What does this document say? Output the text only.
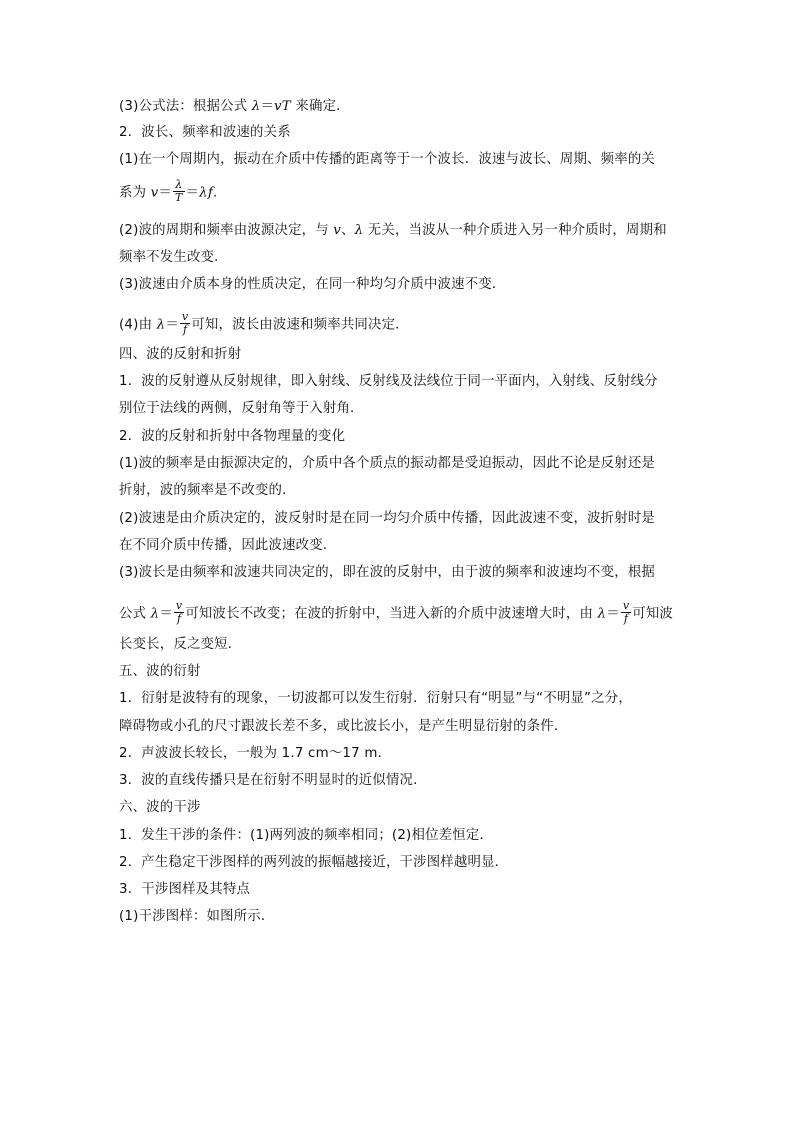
(3)公式法：根据公式 λ＝vT 来确定．
2．波长、频率和波速的关系
(1)在一个周期内，振动在介质中传播的距离等于一个波长．波速与波长、周期、频率的关
系为 $v= \frac{\lambda}{T} =\lambda f$.
(2)波的周期和频率由波源决定，与 v、λ 无关，当波从一种介质进入另一种介质时，周期和
频率不发生改变．
(3)波速由介质本身的性质决定，在同一种均匀介质中波速不变．
(4)由 $\lambda= \frac{v}{f}$ 可知，波长由波速和频率共同决定．
四、波的反射和折射
1．波的反射遵从反射规律，即入射线、反射线及法线位于同一平面内，入射线、反射线分
别位于法线的两侧，反射角等于入射角．
2．波的反射和折射中各物理量的变化
(1)波的频率是由振源决定的，介质中各个质点的振动都是受迫振动，因此不论是反射还是
折射，波的频率是不改变的．
(2)波速是由介质决定的，波反射时是在同一均匀介质中传播，因此波速不变，波折射时是
在不同介质中传播，因此波速改变．
(3)波长是由频率和波速共同决定的，即在波的反射中，由于波的频率和波速均不变，根据
公式 $\lambda= \frac{v}{f}$ 可知波长不改变；在波的折射中，当进入新的介质中波速增大时，由 $\lambda= \frac{v}{f}$ 可知波
长变长，反之变短．
五、波的衍射
1．衍射是波特有的现象，一切波都可以发生衍射．衍射只有“明显”与“不明显”之分，
障碍物或小孔的尺寸跟波长差不多，或比波长小，是产生明显衍射的条件．
2．声波波长较长，一般为 1.7 cm～17 m.
3．波的直线传播只是在衍射不明显时的近似情况．
六、波的干涉
1．发生干涉的条件：(1)两列波的频率相同；(2)相位差恒定．
2．产生稳定干涉图样的两列波的振幅越接近，干涉图样越明显．
3．干涉图样及其特点
(1)干涉图样：如图所示．
